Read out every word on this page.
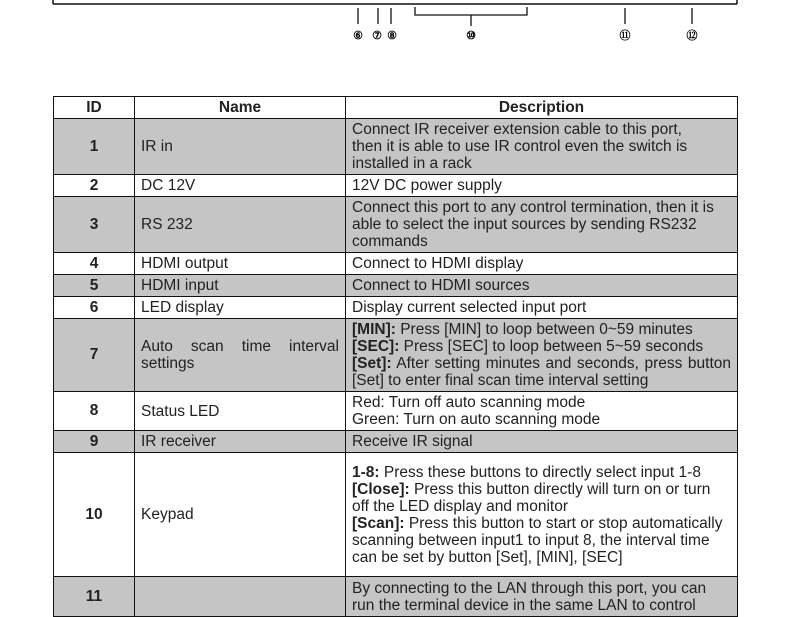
⑥ ⑦ ⑧	⑩	⑪	⑫
ID	Name	Description
1	IR in	Connect IR receiver extension cable to this port,
then it is able to use IR control even the switch is
installed in a rack

2	DC 12V	12V DC power supply

3	RS 232	Connect this port to any control termination, then it is
able to select the input sources by sending RS232
commands

4	HDMI output	Connect to HDMI display

5	HDMI input	Connect to HDMI sources

6	LED display	Display current selected input port

7	Auto scan time interval settings	[MIN]: Press [MIN] to loop between 0~59 minutes
[SEC]: Press [SEC] to loop between 5~59 seconds
[Set]: After setting minutes and seconds, press button [Set] to enter final scan time interval setting

8	Status LED	Red: Turn off auto scanning mode
Green: Turn on auto scanning mode

9	IR receiver	Receive IR signal

10	Keypad	1-8: Press these buttons to directly select input 1-8
[Close]: Press this button directly will turn on or turn off the LED display and monitor
[Scan]: Press this button to start or stop automatically scanning between input1 to input 8, the interval time can be set by button [Set], [MIN], [SEC]

11		By connecting to the LAN through this port, you can
run the terminal device in the same LAN to control
